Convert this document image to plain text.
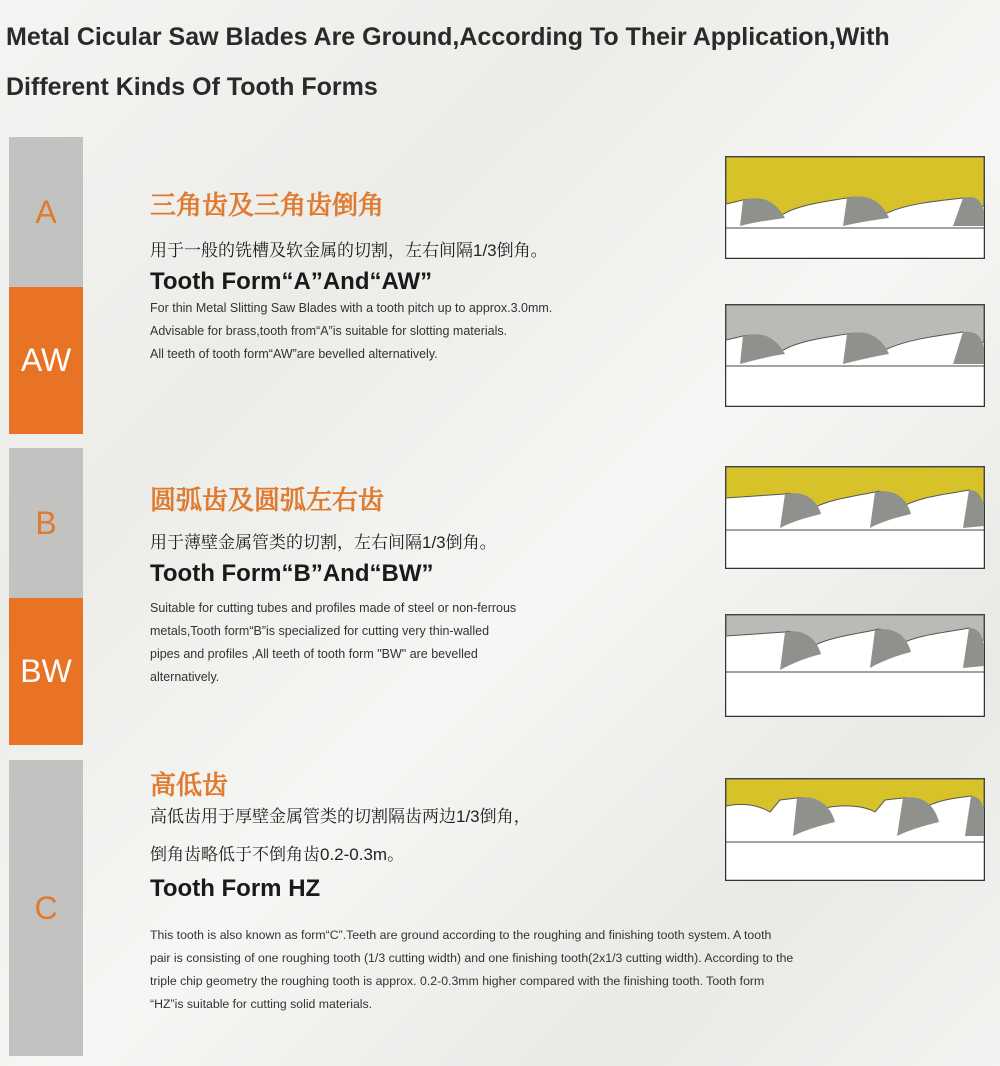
Metal Cicular Saw Blades Are Ground,According To Their Application,With Different Kinds Of Tooth Forms
A
AW
B
BW
C
三角齿及三角齿倒角
用于一般的铣槽及软金属的切割，左右间隔1/3倒角。
Tooth Form“A”And“AW”

For thin Metal Slitting Saw Blades with a tooth pitch up to approx.3.0mm.

Advisable for brass,tooth from“A”is suitable for slotting materials.

All teeth of tooth form“AW”are bevelled alternatively.

圆弧齿及圆弧左右齿
用于薄壁金属管类的切割，左右间隔1/3倒角。
Tooth Form“B”And“BW”

Suitable for cutting tubes and profiles made of steel or non-ferrous

metals,Tooth form“B”is specialized for cutting very thin-walled

pipes and profiles ,All teeth of tooth form "BW" are bevelled

alternatively.

高低齿
高低齿用于厚壁金属管类的切割隔齿两边1/3倒角，
倒角齿略低于不倒角齿0.2-0.3m。
Tooth Form HZ

This tooth is also known as form“C”.Teeth are ground according to the roughing and finishing tooth system. A tooth

pair is consisting of one roughing tooth (1/3 cutting width) and one finishing tooth(2x1/3 cutting width). According to the

triple chip geometry the roughing tooth is approx. 0.2-0.3mm higher compared with the finishing tooth. Tooth form

“HZ”is suitable for cutting solid materials.
